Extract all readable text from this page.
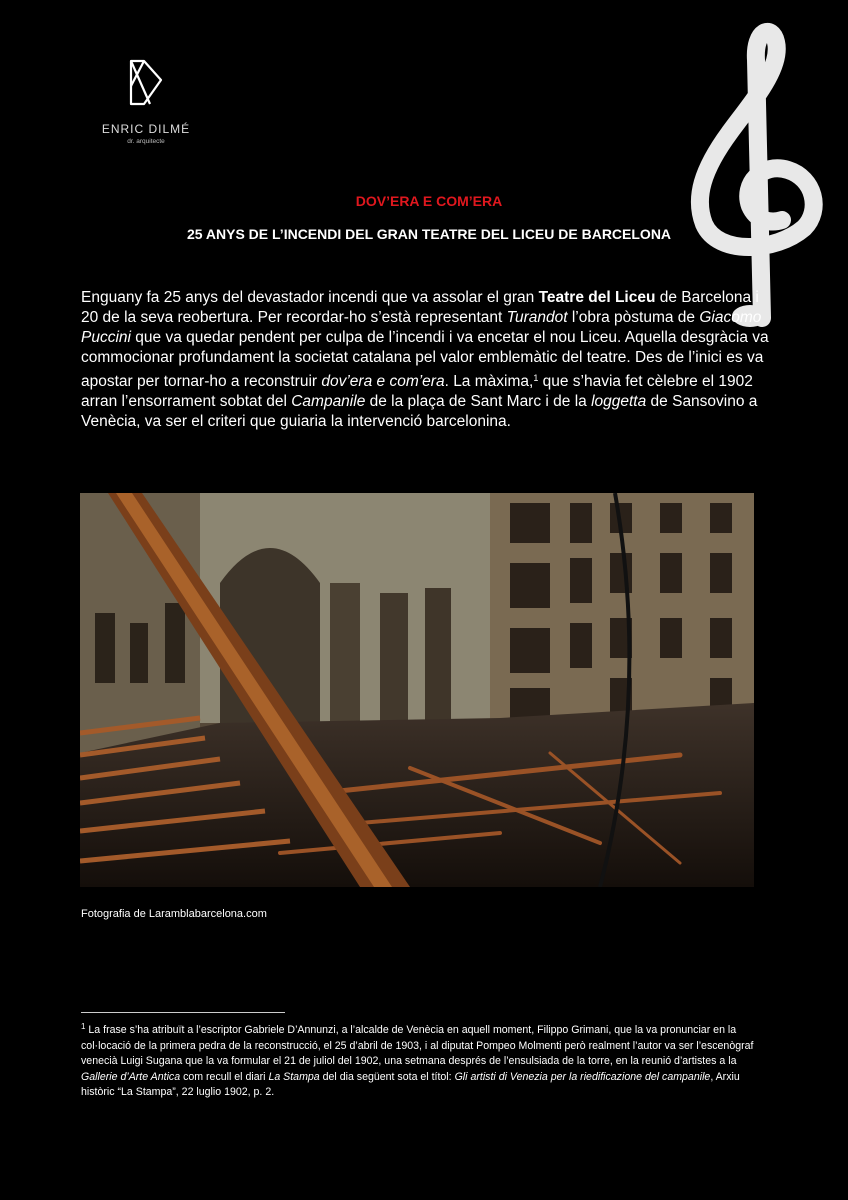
ENRIC DILMÉ
dr. arquitecte
DOV’ERA E COM’ERA
25 ANYS DE L’INCENDI DEL GRAN TEATRE DEL LICEU DE BARCELONA

Enguany fa 25 anys del devastador incendi que va assolar el gran Teatre del Liceu de Barcelona i 20 de la seva reobertura. Per recordar-ho s’està representant Turandot l’obra pòstuma de Giacomo Puccini que va quedar pendent per culpa de l’incendi i va encetar el nou Liceu. Aquella desgràcia va commocionar profundament la societat catalana pel valor emblemàtic del teatre. Des de l’inici es va apostar per tornar-ho a reconstruir dov’era e com’era. La màxima,$^1$ que s’havia fet cèlebre el 1902 arran l’ensorrament sobtat del Campanile de la plaça de Sant Marc i de la loggetta de Sansovino a Venècia, va ser el criteri que guiaria la intervenció barcelonina.

Fotografia de Laramblabarcelona.com

$^1$ La frase s’ha atribuït a l’escriptor Gabriele D’Annunzi, a l’alcalde de Venècia en aquell moment, Filippo Grimani, que la va pronunciar en la col·locació de la primera pedra de la reconstrucció, el 25 d’abril de 1903, i al diputat Pompeo Molmenti però realment l’autor va ser l’escenògraf venecià Luigi Sugana que la va formular el 21 de juliol del 1902, una setmana després de l’ensulsiada de la torre, en la reunió d’artistes a la Gallerie d’Arte Antica com recull el diari La Stampa del dia següent sota el títol: Gli artisti di Venezia per la riedificazione del campanile, Arxiu històric “La Stampa”, 22 luglio 1902, p. 2.
